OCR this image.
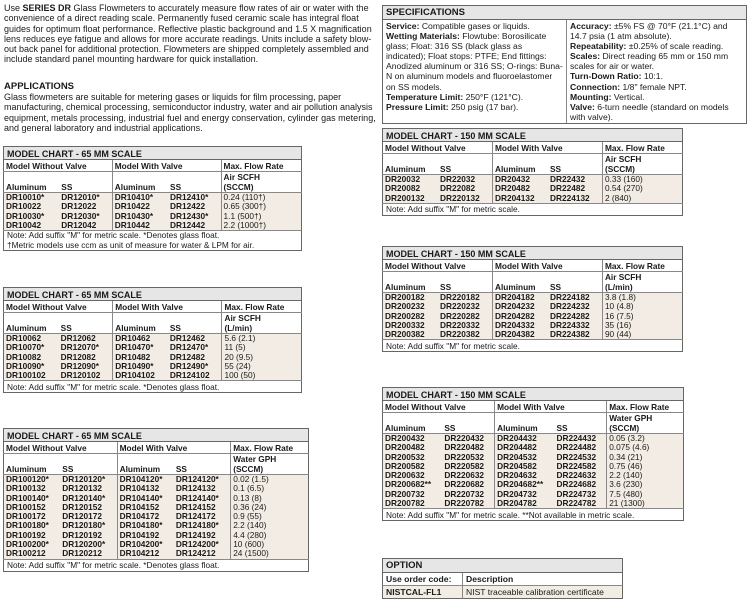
Use SERIES DR Glass Flowmeters to accurately measure flow rates of air or water with the convenience of a direct reading scale. Permanently fused ceramic scale has integral float guides for optimum float performance. Reflective plastic background and 1.5 X magnification lens reduces eye fatigue and allows for more accurate readings. Units include a safety blow-out back panel for additional protection. Flowmeters are shipped completely assembled and include standard panel mounting hardware for quick installation.

APPLICATIONS

Glass flowmeters are suitable for metering gases or liquids for film processing, paper manufacturing, chemical processing, semiconductor industry, water and air pollution analysis equipment, metals processing, industrial fuel and energy conservation, cylinder gas metering, and general laboratory and industrial applications.

SPECIFICATIONS

Service: Compatible gases or liquids.

Wetting Materials: Flowtube: Borosilicate glass; Float: 316 SS (black glass as indicated); Float stops: PTFE; End fittings: Anodized aluminum or 316 SS; O-rings: Buna-N on aluminum models and fluoroelastomer on SS models.

Temperature Limit: 250°F (121°C).

Pressure Limit: 250 psig (17 bar).

Accuracy: ±5% FS @ 70°F (21.1°C) and 14.7 psia (1 atm absolute).

Repeatability: ±0.25% of scale reading.

Scales: Direct reading 65 mm or 150 mm scales for air or water.

Turn-Down Ratio: 10:1.

Connection: 1/8" female NPT.

Mounting: Vertical.

Valve: 6-turn needle (standard on models with valve).

MODEL CHART - 65 MM SCALE				
Model Without Valve		Model With Valve		Max. Flow Rate
Aluminum	SS	Aluminum	SS	Air SCFH
(SCCM)
DR10010*	DR12010*	DR10410*	DR12410*	0.24 (110†)
DR10022	DR12022	DR10422	DR12422	0.65 (300†)
DR10030*	DR12030*	DR10430*	DR12430*	1.1 (500†)
DR10042	DR12042	DR10442	DR12442	2.2 (1000†)
Note: Add suffix "M" for metric scale. *Denotes glass float.
†Metric models use ccm as unit of measure for water & LPM for air.				
MODEL CHART - 65 MM SCALE				
Model Without Valve		Model With Valve		Max. Flow Rate
Aluminum	SS	Aluminum	SS	Air SCFH
(L/min)
DR10062	DR12062	DR10462	DR12462	5.6 (2.1)
DR10070*	DR12070*	DR10470*	DR12470*	11 (5)
DR10082	DR12082	DR10482	DR12482	20 (9.5)
DR10090*	DR12090*	DR10490*	DR12490*	55 (24)
DR100102	DR120102	DR104102	DR124102	100 (50)
Note: Add suffix "M" for metric scale. *Denotes glass float.				
MODEL CHART - 65 MM SCALE				
Model Without Valve		Model With Valve		Max. Flow Rate
Aluminum	SS	Aluminum	SS	Water GPH
(SCCM)
DR100120*	DR120120*	DR104120*	DR124120*	0.02 (1.5)
DR100132	DR120132	DR104132	DR124132	0.1 (6.5)
DR100140*	DR120140*	DR104140*	DR124140*	0.13 (8)
DR100152	DR120152	DR104152	DR124152	0.36 (24)
DR100172	DR120172	DR104172	DR124172	0.9 (55)
DR100180*	DR120180*	DR104180*	DR124180*	2.2 (140)
DR100192	DR120192	DR104192	DR124192	4.4 (280)
DR100200*	DR120200*	DR104200*	DR124200*	10 (600)
DR100212	DR120212	DR104212	DR124212	24 (1500)
Note: Add suffix "M" for metric scale. *Denotes glass float.				
MODEL CHART - 150 MM SCALE				
Model Without Valve		Model With Valve		Max. Flow Rate
Aluminum	SS	Aluminum	SS	Air SCFH
(SCCM)
DR20032	DR22032	DR20432	DR22432	0.33 (160)
DR20082	DR22082	DR20482	DR22482	0.54 (270)
DR200132	DR220132	DR204132	DR224132	2 (840)
Note: Add suffix "M" for metric scale.				
MODEL CHART - 150 MM SCALE				
Model Without Valve		Model With Valve		Max. Flow Rate
Aluminum	SS	Aluminum	SS	Air SCFH
(L/min)
DR200182	DR220182	DR204182	DR224182	3.8 (1.8)
DR200232	DR220232	DR204232	DR224232	10 (4.8)
DR200282	DR220282	DR204282	DR224282	16 (7.5)
DR200332	DR220332	DR204332	DR224332	35 (16)
DR200382	DR220382	DR204382	DR224382	90 (44)
Note: Add suffix "M" for metric scale.				
MODEL CHART - 150 MM SCALE				
Model Without Valve		Model With Valve		Max. Flow Rate
Aluminum	SS	Aluminum	SS	Water GPH
(SCCM)
DR200432	DR220432	DR204432	DR224432	0.05 (3.2)
DR200482	DR220482	DR204482	DR224482	0.075 (4.6)
DR200532	DR220532	DR204532	DR224532	0.34 (21)
DR200582	DR220582	DR204582	DR224582	0.75 (46)
DR200632	DR220632	DR204632	DR224632	2.2 (140)
DR200682**	DR220682	DR204682**	DR224682	3.6 (230)
DR200732	DR220732	DR204732	DR224732	7.5 (480)
DR200782	DR220782	DR204782	DR224782	21 (1300)
Note: Add suffix "M" for metric scale. **Not available in metric scale.				
OPTION	
Use order code:	Description
NISTCAL-FL1	NIST traceable calibration certificate
